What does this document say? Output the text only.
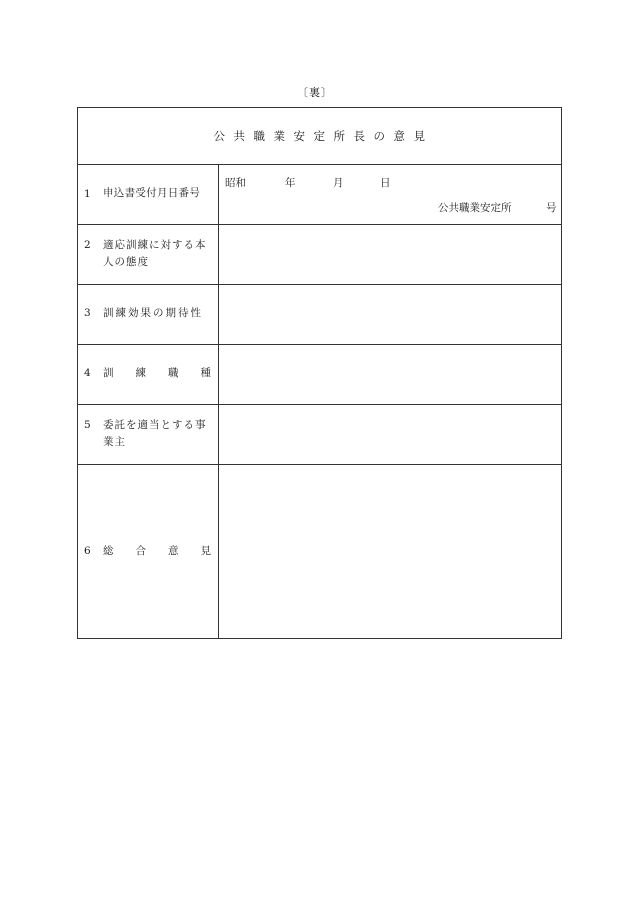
〔裏〕
公共職業安定所長の意見
1 申込書受付月日番号
昭和	年	月	日
公共職業安定所	号
2 適応訓練に対する本人の態度
3 訓練効果の期待性
4 訓 練 職 種
5 委託を適当とする事業主
6 総 合 意 見
